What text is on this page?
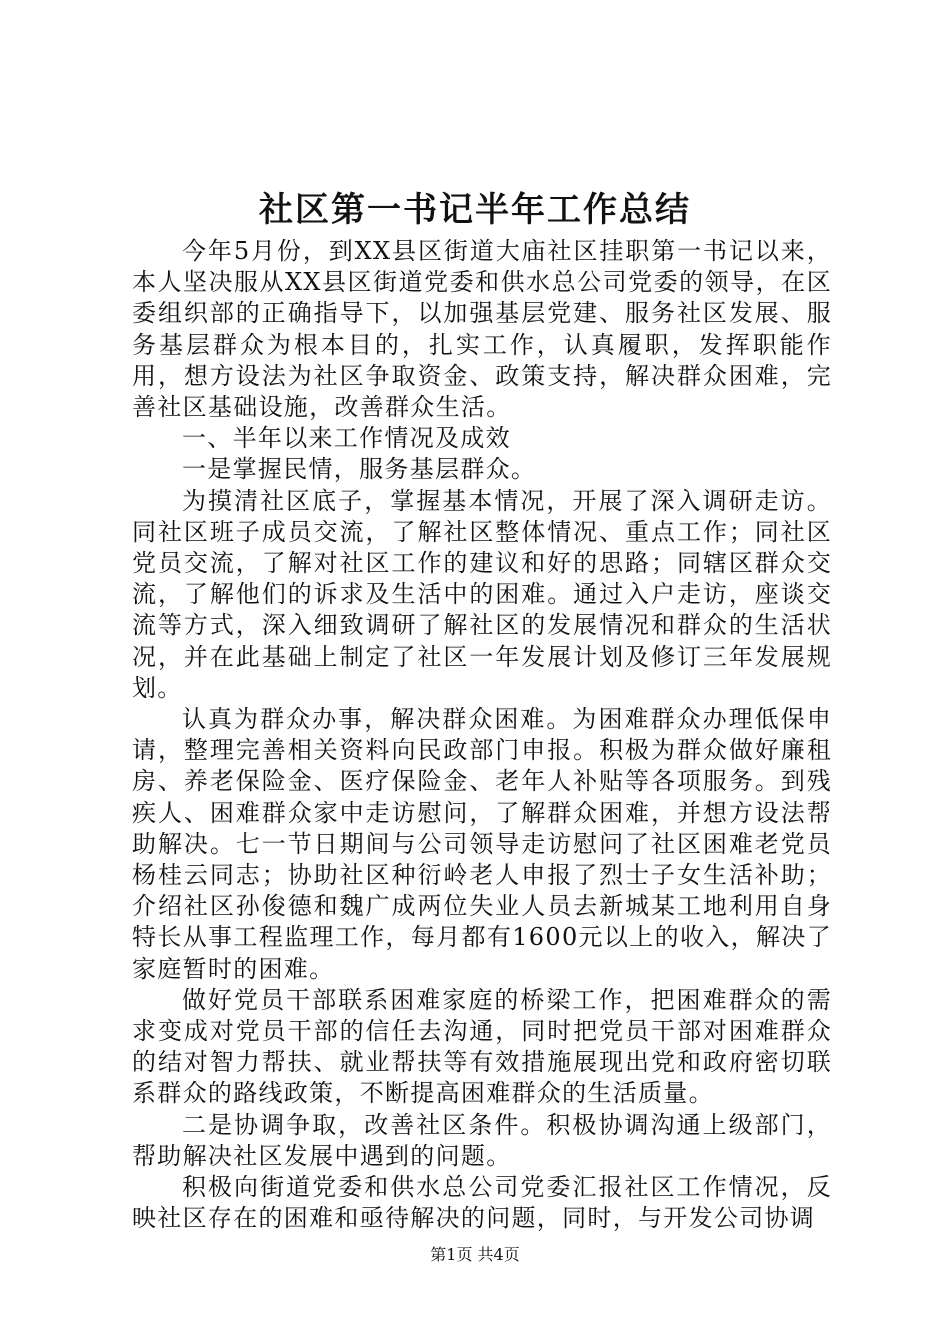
社区第一书记半年工作总结

今年5月份，到XX县区街道大庙社区挂职第一书记以来，本人坚决服从XX县区街道党委和供水总公司党委的领导，在区委组织部的正确指导下，以加强基层党建、服务社区发展、服务基层群众为根本目的，扎实工作，认真履职，发挥职能作用，想方设法为社区争取资金、政策支持，解决群众困难，完善社区基础设施，改善群众生活。

一、半年以来工作情况及成效

一是掌握民情，服务基层群众。

为摸清社区底子，掌握基本情况，开展了深入调研走访。同社区班子成员交流，了解社区整体情况、重点工作；同社区党员交流，了解对社区工作的建议和好的思路；同辖区群众交流，了解他们的诉求及生活中的困难。通过入户走访，座谈交流等方式，深入细致调研了解社区的发展情况和群众的生活状况，并在此基础上制定了社区一年发展计划及修订三年发展规划。

认真为群众办事，解决群众困难。为困难群众办理低保申请，整理完善相关资料向民政部门申报。积极为群众做好廉租房、养老保险金、医疗保险金、老年人补贴等各项服务。到残疾人、困难群众家中走访慰问，了解群众困难，并想方设法帮助解决。七一节日期间与公司领导走访慰问了社区困难老党员杨桂云同志；协助社区种衍岭老人申报了烈士子女生活补助；介绍社区孙俊德和魏广成两位失业人员去新城某工地利用自身特长从事工程监理工作，每月都有1600元以上的收入，解决了家庭暂时的困难。

做好党员干部联系困难家庭的桥梁工作，把困难群众的需求变成对党员干部的信任去沟通，同时把党员干部对困难群众的结对智力帮扶、就业帮扶等有效措施展现出党和政府密切联系群众的路线政策，不断提高困难群众的生活质量。

二是协调争取，改善社区条件。积极协调沟通上级部门，帮助解决社区发展中遇到的问题。

积极向街道党委和供水总公司党委汇报社区工作情况，反映社区存在的困难和亟待解决的问题，同时，与开发公司协调

第1页 共4页
